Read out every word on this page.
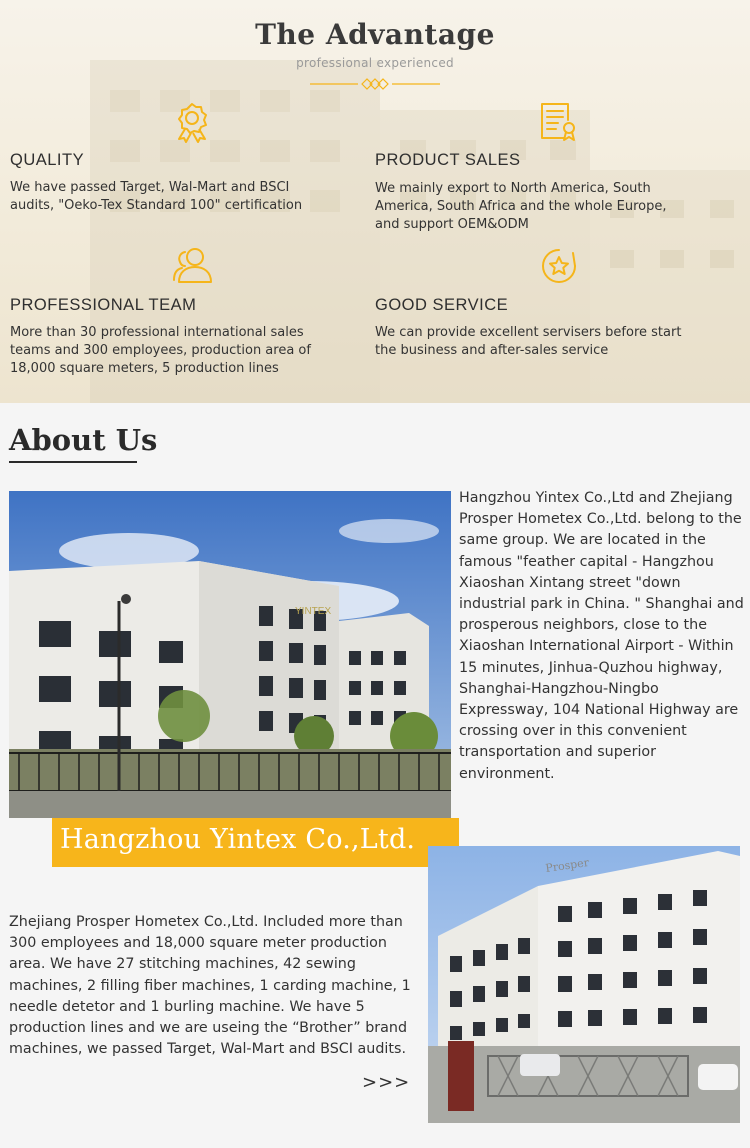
The Advantage
professional experienced
QUALITY
We have passed Target, Wal-Mart and BSCI audits, "Oeko-Tex Standard 100" certification
PRODUCT SALES
We mainly export to North America, South America, South Africa and the whole Europe, and support OEM&ODM
PROFESSIONAL TEAM
More than 30 professional international sales teams and 300 employees, production area of 18,000 square meters, 5 production lines
GOOD SERVICE
We can provide excellent servisers before start the business and after-sales service
About Us
YINTEX
Hangzhou Yintex Co.,Ltd and Zhejiang Prosper Hometex Co.,Ltd. belong to the same group. We are located in the famous "feather capital - Hangzhou Xiaoshan Xintang street "down industrial park in China. " Shanghai and prosperous neighbors, close to the Xiaoshan International Airport - Within 15 minutes, Jinhua-Quzhou highway, Shanghai-Hangzhou-Ningbo Expressway, 104 National Highway are crossing over in this convenient transportation and superior environment.
Hangzhou Yintex Co.,Ltd.
Prosper
Zhejiang Prosper Hometex Co.,Ltd. Included more than 300 employees and 18,000 square meter production area. We have 27 stitching machines, 42 sewing machines, 2 filling fiber machines, 1 carding machine, 1 needle detetor and 1 burling machine. We have 5 production lines and we are useing the “Brother” brand machines, we passed Target, Wal-Mart and BSCI audits.
>>>
